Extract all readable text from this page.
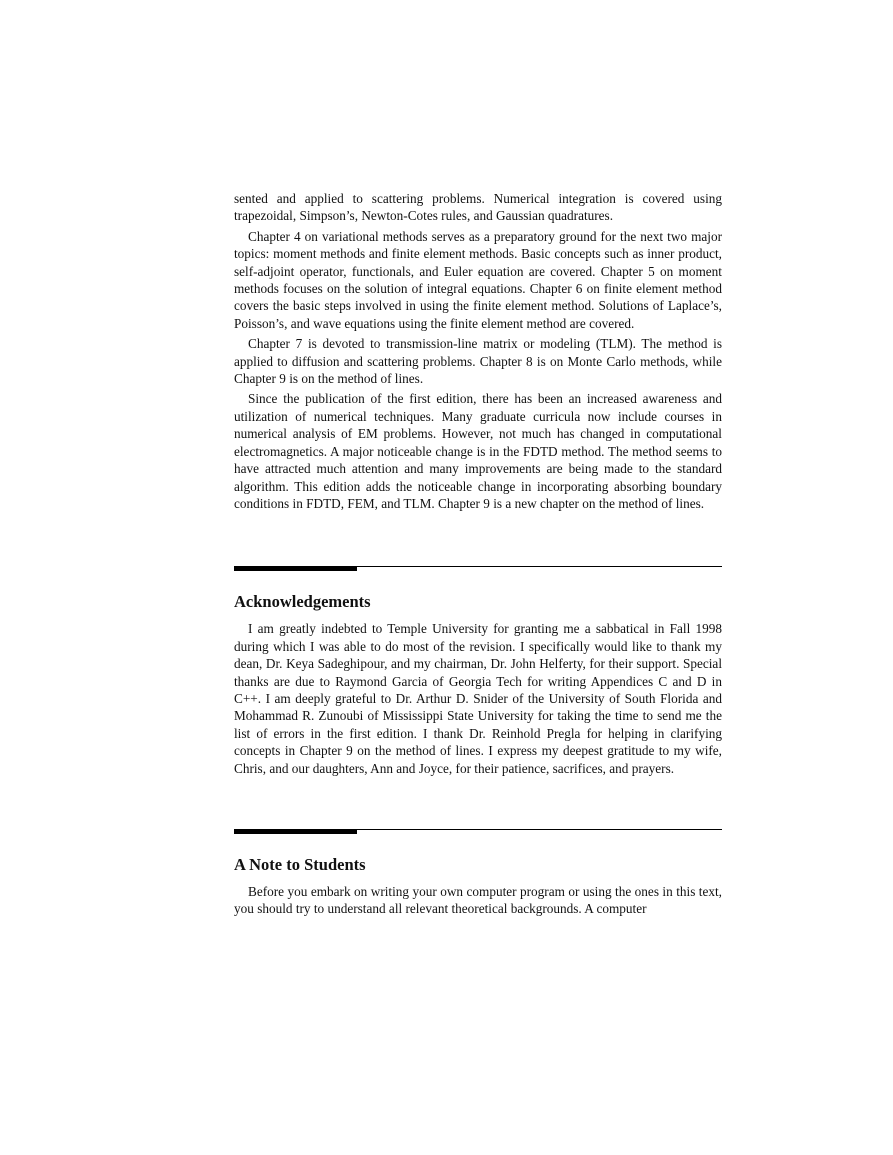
sented and applied to scattering problems. Numerical integration is covered using trapezoidal, Simpson’s, Newton-Cotes rules, and Gaussian quadratures.

Chapter 4 on variational methods serves as a preparatory ground for the next two major topics: moment methods and finite element methods. Basic concepts such as inner product, self-adjoint operator, functionals, and Euler equation are covered. Chapter 5 on moment methods focuses on the solution of integral equations. Chapter 6 on finite element method covers the basic steps involved in using the finite element method. Solutions of Laplace’s, Poisson’s, and wave equations using the finite element method are covered.

Chapter 7 is devoted to transmission-line matrix or modeling (TLM). The method is applied to diffusion and scattering problems. Chapter 8 is on Monte Carlo methods, while Chapter 9 is on the method of lines.

Since the publication of the first edition, there has been an increased awareness and utilization of numerical techniques. Many graduate curricula now include courses in numerical analysis of EM problems. However, not much has changed in computational electromagnetics. A major noticeable change is in the FDTD method. The method seems to have attracted much attention and many improvements are being made to the standard algorithm. This edition adds the noticeable change in incorporating absorbing boundary conditions in FDTD, FEM, and TLM. Chapter 9 is a new chapter on the method of lines.

Acknowledgements

I am greatly indebted to Temple University for granting me a sabbatical in Fall 1998 during which I was able to do most of the revision. I specifically would like to thank my dean, Dr. Keya Sadeghipour, and my chairman, Dr. John Helferty, for their support. Special thanks are due to Raymond Garcia of Georgia Tech for writing Appendices C and D in C++. I am deeply grateful to Dr. Arthur D. Snider of the University of South Florida and Mohammad R. Zunoubi of Mississippi State University for taking the time to send me the list of errors in the first edition. I thank Dr. Reinhold Pregla for helping in clarifying concepts in Chapter 9 on the method of lines. I express my deepest gratitude to my wife, Chris, and our daughters, Ann and Joyce, for their patience, sacrifices, and prayers.

A Note to Students

Before you embark on writing your own computer program or using the ones in this text, you should try to understand all relevant theoretical backgrounds. A computer
